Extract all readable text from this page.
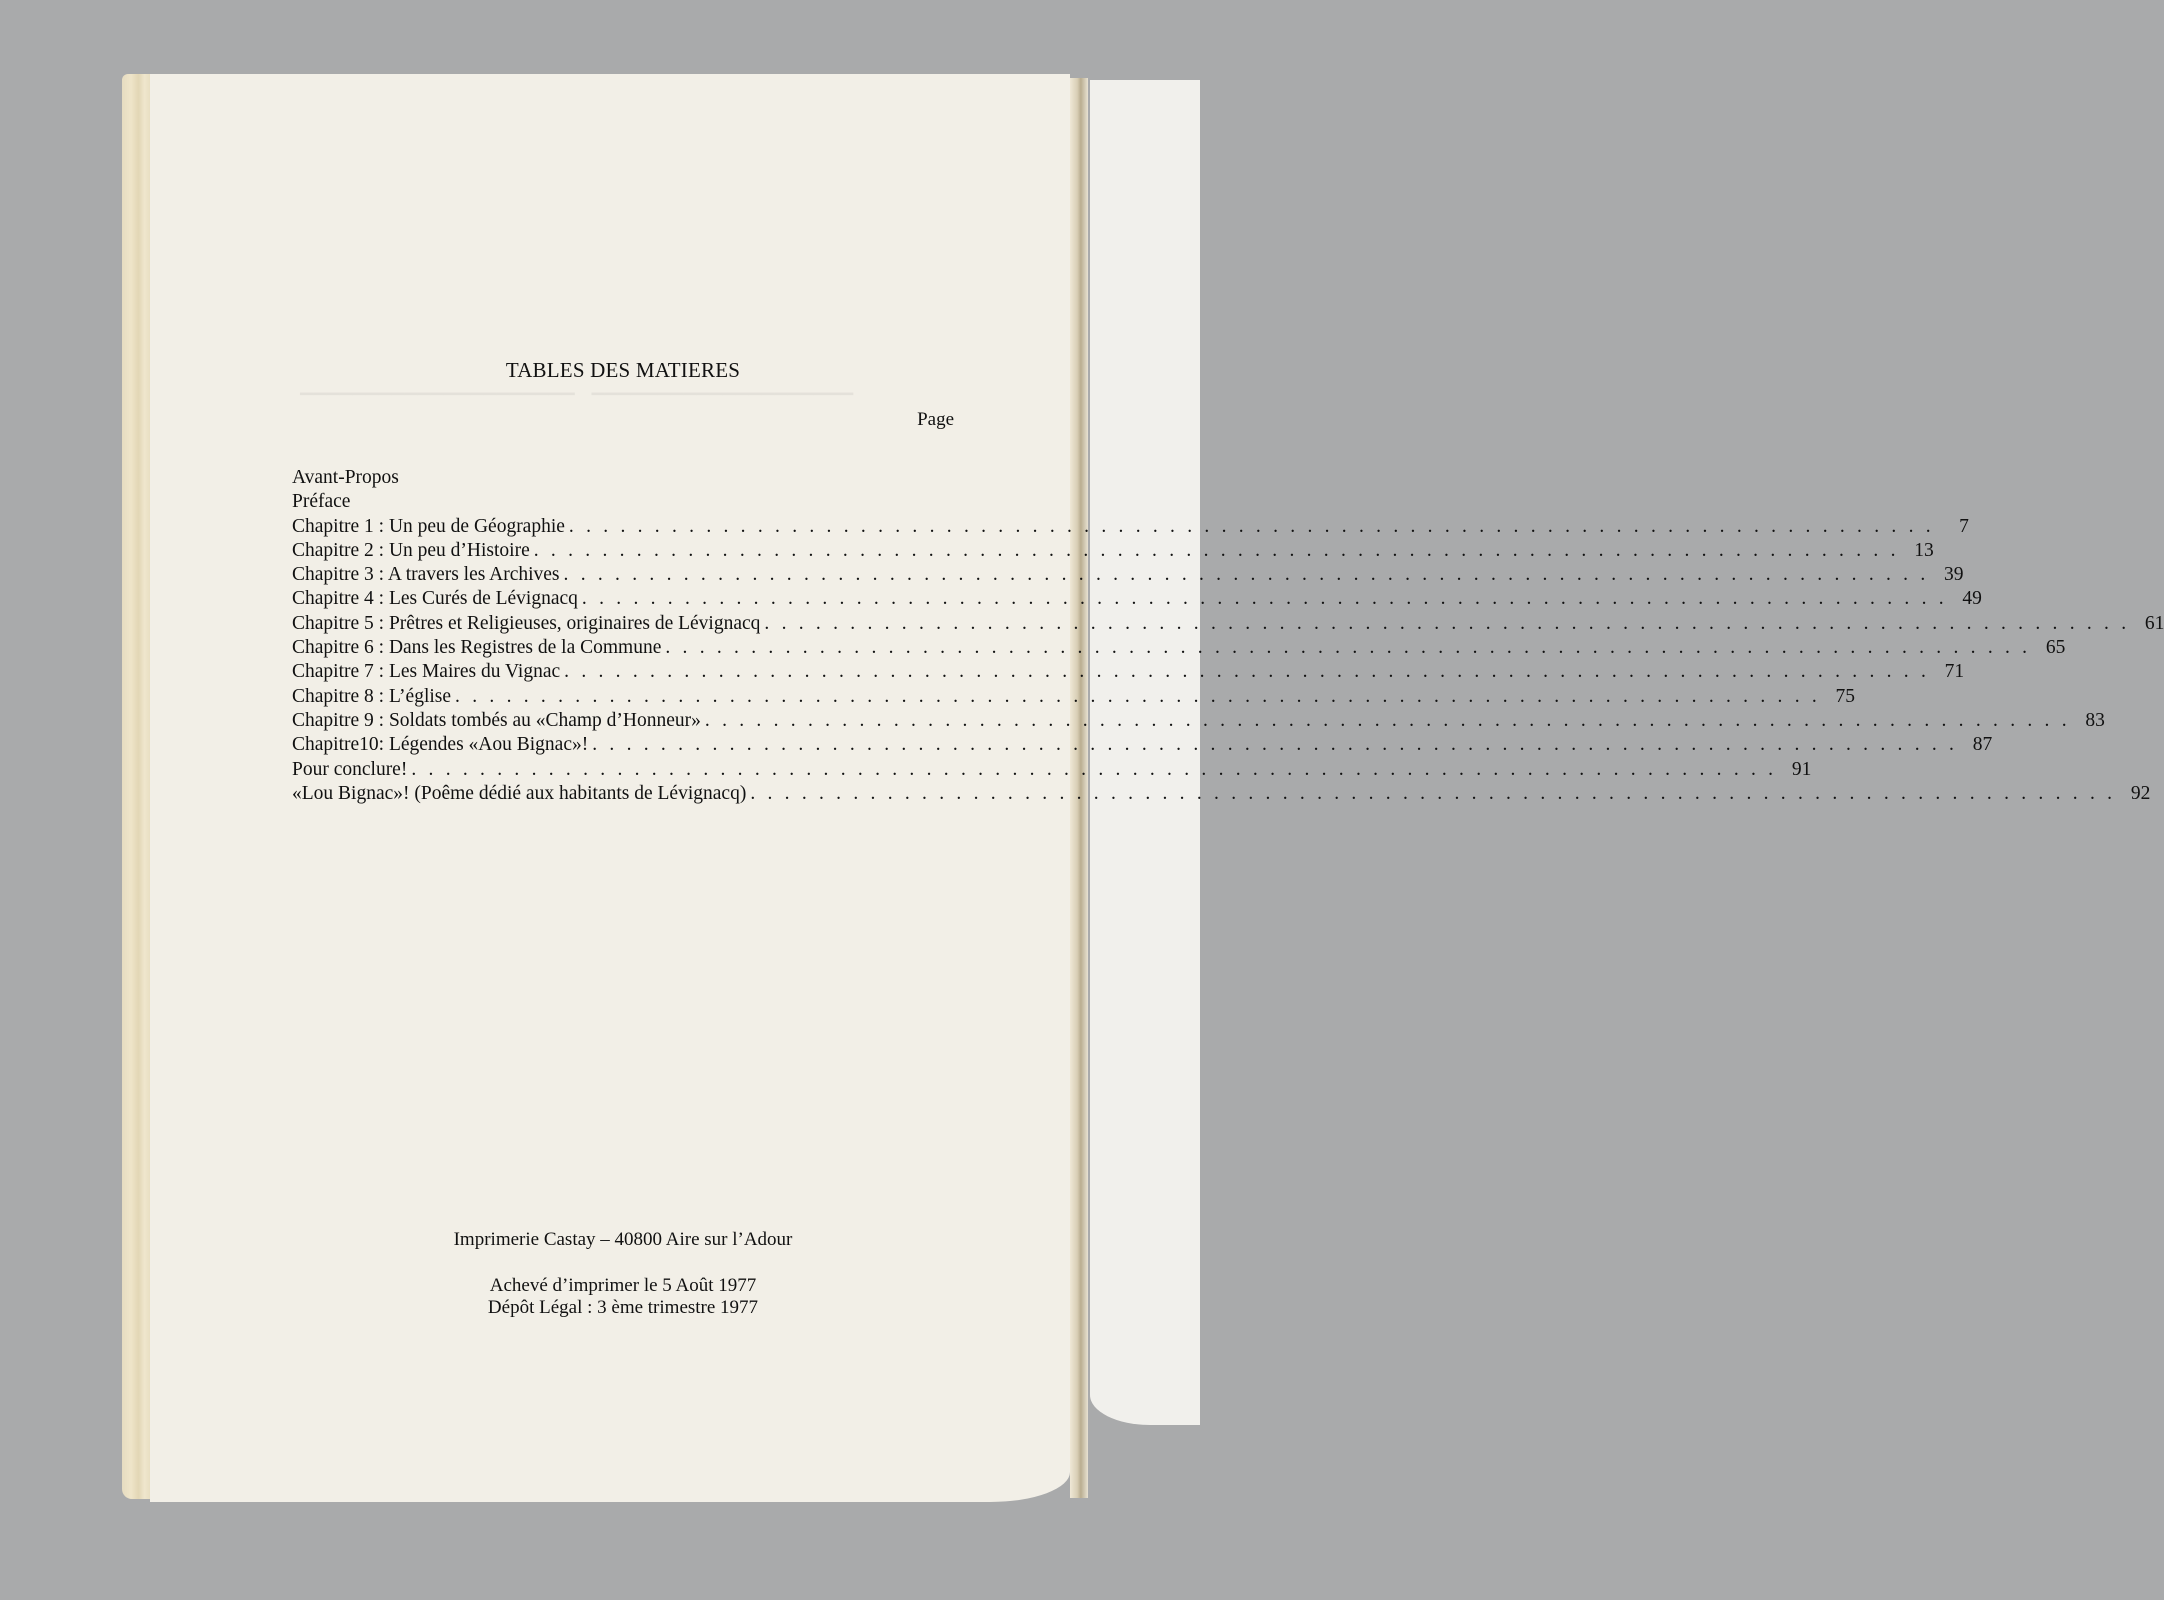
▁▁▁▁▁▁▁▁▁▁▁▁▁▁▁▁▁▁▁▁▁    ▁▁▁▁▁▁▁▁▁▁▁▁▁▁▁▁▁▁▁▁
TABLES DES MATIERES
Page
Avant-Propos
Préface
Chapitre 1 : Un peu de Géographie ................................................................................ 7
Chapitre 2 : Un peu d’Histoire ................................................................................ 13
Chapitre 3 : A travers les Archives ................................................................................ 39
Chapitre 4 : Les Curés de Lévignacq ................................................................................ 49
Chapitre 5 : Prêtres et Religieuses, originaires de Lévignacq ................................................................................ 61
Chapitre 6 : Dans les Registres de la Commune ................................................................................ 65
Chapitre 7 : Les Maires du Vignac ................................................................................ 71
Chapitre 8 : L’église ................................................................................ 75
Chapitre 9 : Soldats tombés au «Champ d’Honneur» ................................................................................ 83
Chapitre10: Légendes «Aou Bignac»! ................................................................................ 87
Pour conclure! ................................................................................ 91
«Lou Bignac»! (Poême dédié aux habitants de Lévignacq) ................................................................................ 92
Imprimerie Castay – 40800 Aire sur l’Adour
Achevé d’imprimer le 5 Août 1977
Dépôt Légal : 3 ème trimestre 1977
